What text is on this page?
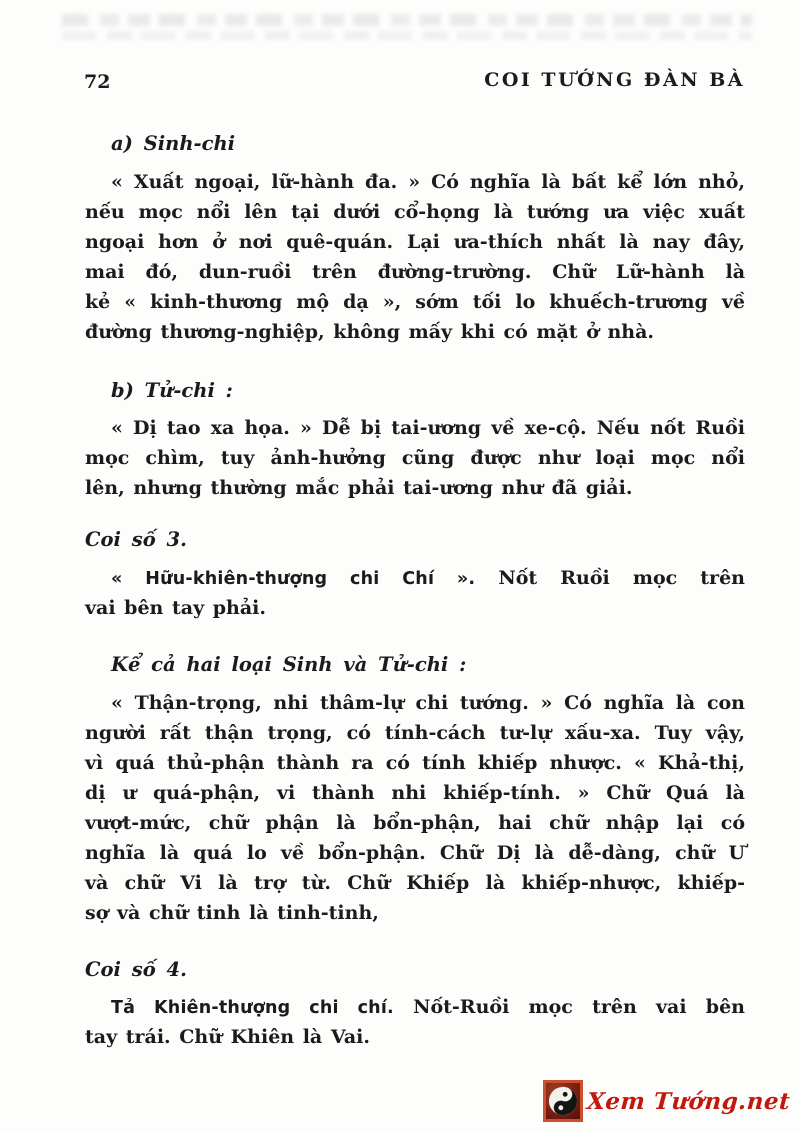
72	COI TƯỚNG ĐÀN BÀ
a) Sinh-chi
« Xuất ngoại, lữ-hành đa. » Có nghĩa là bất kể lớn nhỏ,
nếu mọc nổi lên tại dưới cổ-họng là tướng ưa việc xuất
ngoại hơn ở nơi quê-quán. Lại ưa-thích nhất là nay đây,
mai đó, dun-ruồi trên đường-trường. Chữ Lữ-hành là
kẻ « kinh-thương mộ dạ », sớm tối lo khuếch-trương về
đường thương-nghiệp, không mấy khi có mặt ở nhà.
b) Tử-chi :
« Dị tao xa họa. » Dễ bị tai-ương về xe-cộ. Nếu nốt Ruồi
mọc chìm, tuy ảnh-hưởng cũng được như loại mọc nổi
lên, nhưng thường mắc phải tai-ương như đã giải.
Coi số 3.
« Hữu-khiên-thượng chi Chí ». Nốt Ruồi mọc trên
vai bên tay phải.
Kể cả hai loại Sinh và Tử-chi :
« Thận-trọng, nhi thâm-lự chi tướng. » Có nghĩa là con
người rất thận trọng, có tính-cách tư-lự xấu-xa. Tuy vậy,
vì quá thủ-phận thành ra có tính khiếp nhược. « Khả-thị,
dị ư quá-phận, vi thành nhi khiếp-tính. » Chữ Quá là
vượt-mức, chữ phận là bổn-phận, hai chữ nhập lại có
nghĩa là quá lo về bổn-phận. Chữ Dị là dễ-dàng, chữ Ư
và chữ Vi là trợ từ. Chữ Khiếp là khiếp-nhược, khiếp-
sợ và chữ tinh là tinh-tinh,
Coi số 4.
Tả Khiên-thượng chi chí. Nốt-Ruồi mọc trên vai bên
tay trái. Chữ Khiên là Vai.
Xem Tướng.net
